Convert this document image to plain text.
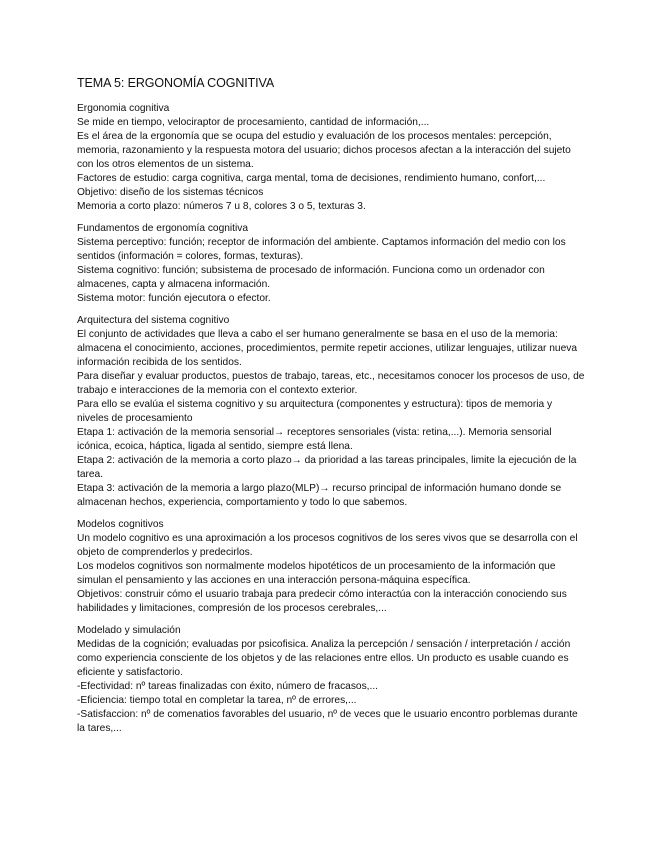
TEMA 5: ERGONOMÍA COGNITIVA
Ergonomia cognitiva

Se mide en tiempo, velociraptor de procesamiento, cantidad de información,...

Es el área de la ergonomía que se ocupa del estudio y evaluación de los procesos mentales: percepción, memoria, razonamiento y la respuesta motora del usuario; dichos procesos afectan a la interacción del sujeto con los otros elementos de un sistema.

Factores de estudio: carga cognitiva, carga mental, toma de decisiones, rendimiento humano, confort,...

Objetivo: diseño de los sistemas técnicos

Memoria a corto plazo: números 7 u 8, colores 3 o 5, texturas 3.

Fundamentos de ergonomía cognitiva

Sistema perceptivo: función; receptor de información del ambiente. Captamos información del medio con los sentidos (información = colores, formas, texturas).

Sistema cognitivo: función; subsistema de procesado de información. Funciona como un ordenador con almacenes, capta y almacena información.

Sistema motor: función ejecutora o efector.

Arquitectura del sistema cognitivo

El conjunto de actividades que lleva a cabo el ser humano generalmente se basa en el uso de la memoria: almacena el conocimiento, acciones, procedimientos, permite repetir acciones, utilizar lenguajes, utilizar nueva información recibida de los sentidos.

Para diseñar y evaluar productos, puestos de trabajo, tareas, etc., necesitamos conocer los procesos de uso, de trabajo e interacciones de la memoria con el contexto exterior.

Para ello se evalúa el sistema cognitivo y su arquitectura (componentes y estructura): tipos de memoria y niveles de procesamiento

Etapa 1: activación de la memoria sensorial→ receptores sensoriales (vista: retina,...). Memoria sensorial icónica, ecoica, háptica, ligada al sentido, siempre está llena.

Etapa 2: activación de la memoria a corto plazo→ da prioridad a las tareas principales, limite la ejecución de la tarea.

Etapa 3: activación de la memoria a largo plazo(MLP)→ recurso principal de información humano donde se almacenan hechos, experiencia, comportamiento y todo lo que sabemos.

Modelos cognitivos

Un modelo cognitivo es una aproximación a los procesos cognitivos de los seres vivos que se desarrolla con el objeto de comprenderlos y predecirlos.

Los modelos cognitivos son normalmente modelos hipotéticos de un procesamiento de la información que simulan el pensamiento y las acciones en una interacción persona-máquina específica.

Objetivos: construir cómo el usuario trabaja para predecir cómo interactúa con la interacción conociendo sus habilidades y limitaciones, compresión de los procesos cerebrales,...

Modelado y simulación

Medidas de la cognición; evaluadas por psicofisica. Analiza la percepción / sensación / interpretación / acción como experiencia consciente de los objetos y de las relaciones entre ellos. Un producto es usable cuando es eficiente y satisfactorio.

-Efectividad: nº tareas finalizadas con éxito, número de fracasos,...

-Eficiencia: tiempo total en completar la tarea, nº de errores,...

-Satisfaccion: nº de comenatios favorables del usuario, nº de veces que le usuario encontro porblemas durante la tares,...
